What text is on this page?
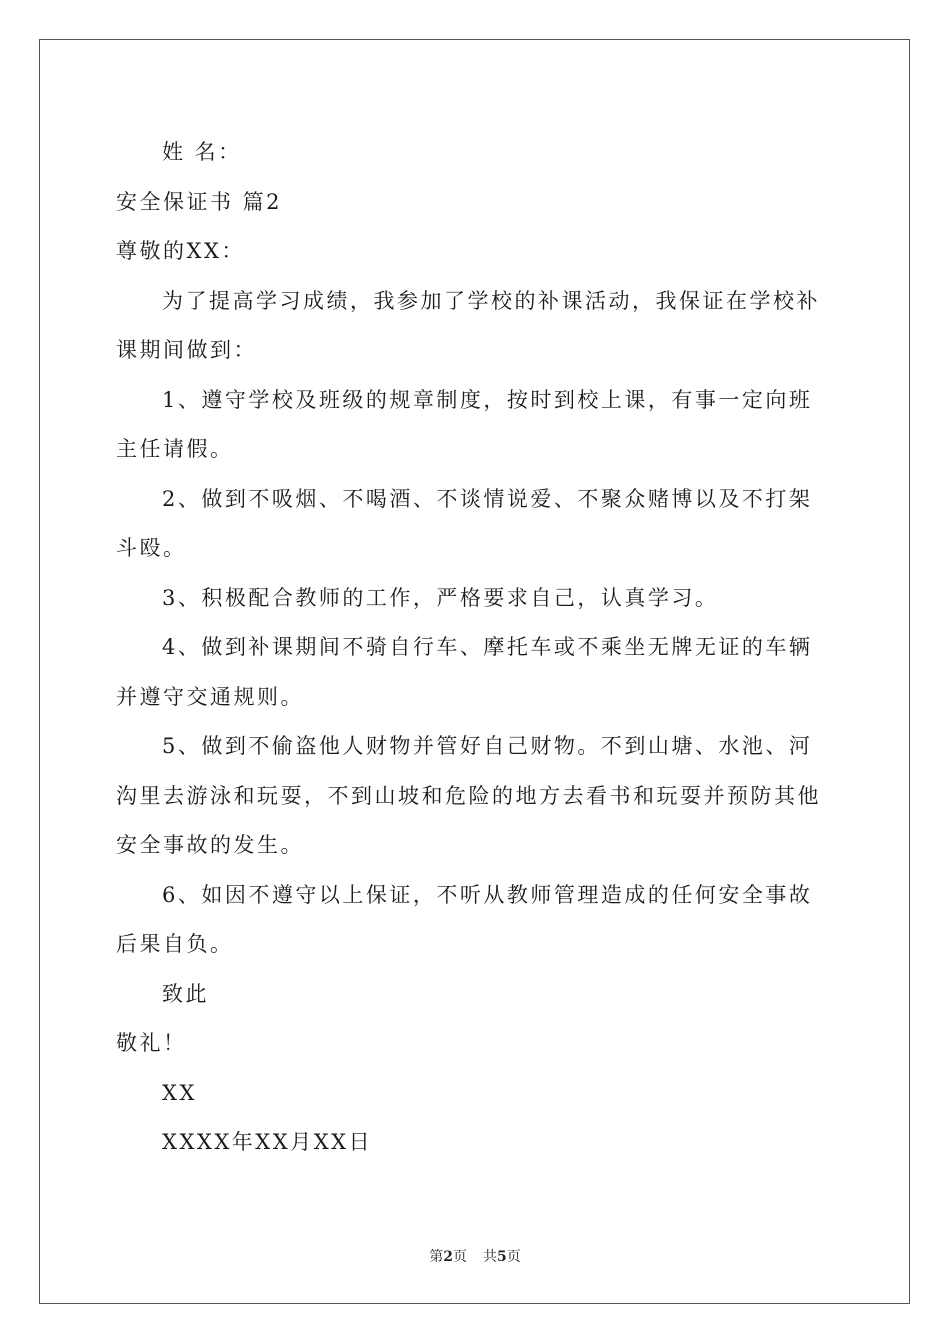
姓 名：
安全保证书 篇2
尊敬的XX：
为了提高学习成绩，我参加了学校的补课活动，我保证在学校补
课期间做到：
1、遵守学校及班级的规章制度，按时到校上课，有事一定向班
主任请假。
2、做到不吸烟、不喝酒、不谈情说爱、不聚众赌博以及不打架
斗殴。
3、积极配合教师的工作，严格要求自己，认真学习。
4、做到补课期间不骑自行车、摩托车或不乘坐无牌无证的车辆
并遵守交通规则。
5、做到不偷盗他人财物并管好自己财物。不到山塘、水池、河
沟里去游泳和玩耍，不到山坡和危险的地方去看书和玩耍并预防其他
安全事故的发生。
6、如因不遵守以上保证，不听从教师管理造成的任何安全事故
后果自负。
致此
敬礼！
XX
XXXX年XX月XX日
第2页 共5页
